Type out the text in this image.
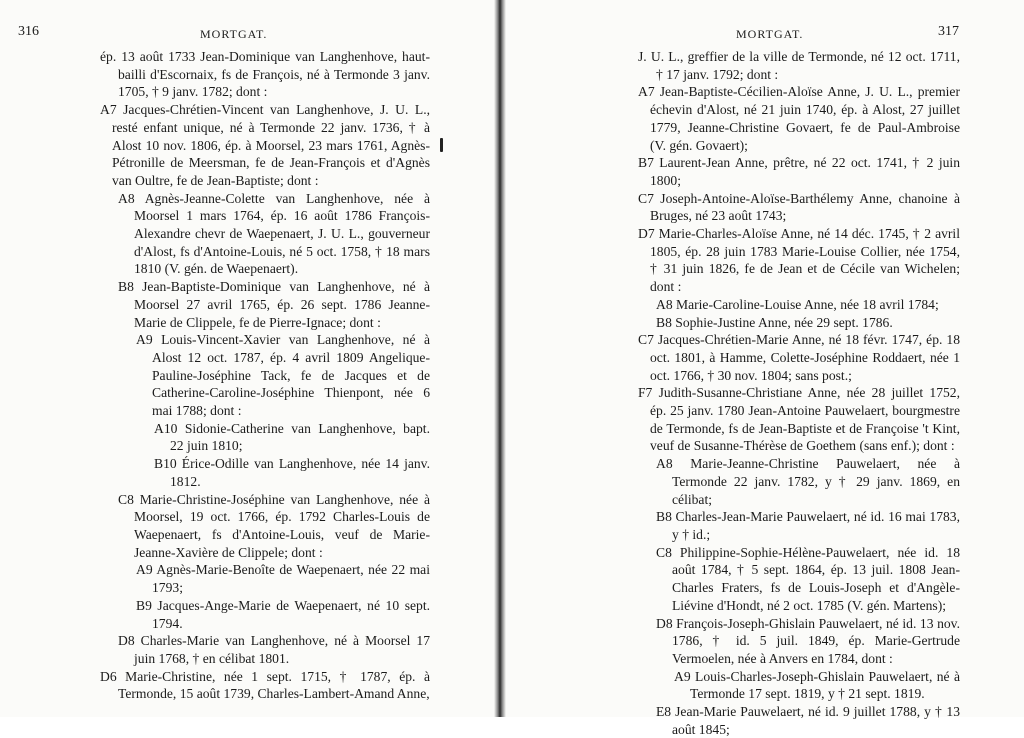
316	MORTGAT.

ép. 13 août 1733 Jean-Dominique van Langhenhove, haut-bailli d'Escornaix, fs de François, né à Termonde 3 janv. 1705, † 9 janv. 1782; dont :

A7 Jacques-Chrétien-Vincent van Langhenhove, J. U. L., resté enfant unique, né à Termonde 22 janv. 1736, † à Alost 10 nov. 1806, ép. à Moorsel, 23 mars 1761, Agnès-Pétronille de Meersman, fe de Jean-François et d'Agnès van Oultre, fe de Jean-Baptiste; dont :

A8 Agnès-Jeanne-Colette van Langhenhove, née à Moorsel 1 mars 1764, ép. 16 août 1786 François-Alexandre chevr de Waepenaert, J. U. L., gouverneur d'Alost, fs d'Antoine-Louis, né 5 oct. 1758, † 18 mars 1810 (V. gén. de Waepenaert).

B8 Jean-Baptiste-Dominique van Langhenhove, né à Moorsel 27 avril 1765, ép. 26 sept. 1786 Jeanne-Marie de Clippele, fe de Pierre-Ignace; dont :

A9 Louis-Vincent-Xavier van Langhenhove, né à Alost 12 oct. 1787, ép. 4 avril 1809 Angelique-Pauline-Joséphine Tack, fe de Jacques et de Catherine-Caroline-Joséphine Thienpont, née 6 mai 1788; dont :

A10 Sidonie-Catherine van Langhenhove, bapt. 22 juin 1810;

B10 Érice-Odille van Langhenhove, née 14 janv. 1812.

C8 Marie-Christine-Joséphine van Langhenhove, née à Moorsel, 19 oct. 1766, ép. 1792 Charles-Louis de Waepenaert, fs d'Antoine-Louis, veuf de Marie-Jeanne-Xavière de Clippele; dont :

A9 Agnès-Marie-Benoîte de Waepenaert, née 22 mai 1793;

B9 Jacques-Ange-Marie de Waepenaert, né 10 sept. 1794.

D8 Charles-Marie van Langhenhove, né à Moorsel 17 juin 1768, † en célibat 1801.

D6 Marie-Christine, née 1 sept. 1715, † 1787, ép. à Termonde, 15 août 1739, Charles-Lambert-Amand Anne,

MORTGAT.	317

J. U. L., greffier de la ville de Termonde, né 12 oct. 1711, † 17 janv. 1792; dont :

A7 Jean-Baptiste-Cécilien-Aloïse Anne, J. U. L., premier échevin d'Alost, né 21 juin 1740, ép. à Alost, 27 juillet 1779, Jeanne-Christine Govaert, fe de Paul-Ambroise (V. gén. Govaert);

B7 Laurent-Jean Anne, prêtre, né 22 oct. 1741, † 2 juin 1800;

C7 Joseph-Antoine-Aloïse-Barthélemy Anne, chanoine à Bruges, né 23 août 1743;

D7 Marie-Charles-Aloïse Anne, né 14 déc. 1745, † 2 avril 1805, ép. 28 juin 1783 Marie-Louise Collier, née 1754, † 31 juin 1826, fe de Jean et de Cécile van Wichelen; dont :

A8 Marie-Caroline-Louise Anne, née 18 avril 1784;

B8 Sophie-Justine Anne, née 29 sept. 1786.

C7 Jacques-Chrétien-Marie Anne, né 18 févr. 1747, ép. 18 oct. 1801, à Hamme, Colette-Joséphine Roddaert, née 1 oct. 1766, † 30 nov. 1804; sans post.;

F7 Judith-Susanne-Christiane Anne, née 28 juillet 1752, ép. 25 janv. 1780 Jean-Antoine Pauwelaert, bourgmestre de Termonde, fs de Jean-Baptiste et de Françoise 't Kint, veuf de Susanne-Thérèse de Goethem (sans enf.); dont :

A8 Marie-Jeanne-Christine Pauwelaert, née à Termonde 22 janv. 1782, y † 29 janv. 1869, en célibat;

B8 Charles-Jean-Marie Pauwelaert, né id. 16 mai 1783, y † id.;

C8 Philippine-Sophie-Hélène-Pauwelaert, née id. 18 août 1784, † 5 sept. 1864, ép. 13 juil. 1808 Jean-Charles Fraters, fs de Louis-Joseph et d'Angèle-Liévine d'Hondt, né 2 oct. 1785 (V. gén. Martens);

D8 François-Joseph-Ghislain Pauwelaert, né id. 13 nov. 1786, † id. 5 juil. 1849, ép. Marie-Gertrude Vermoelen, née à Anvers en 1784, dont :

A9 Louis-Charles-Joseph-Ghislain Pauwelaert, né à Termonde 17 sept. 1819, y † 21 sept. 1819.

E8 Jean-Marie Pauwelaert, né id. 9 juillet 1788, y † 13 août 1845;
